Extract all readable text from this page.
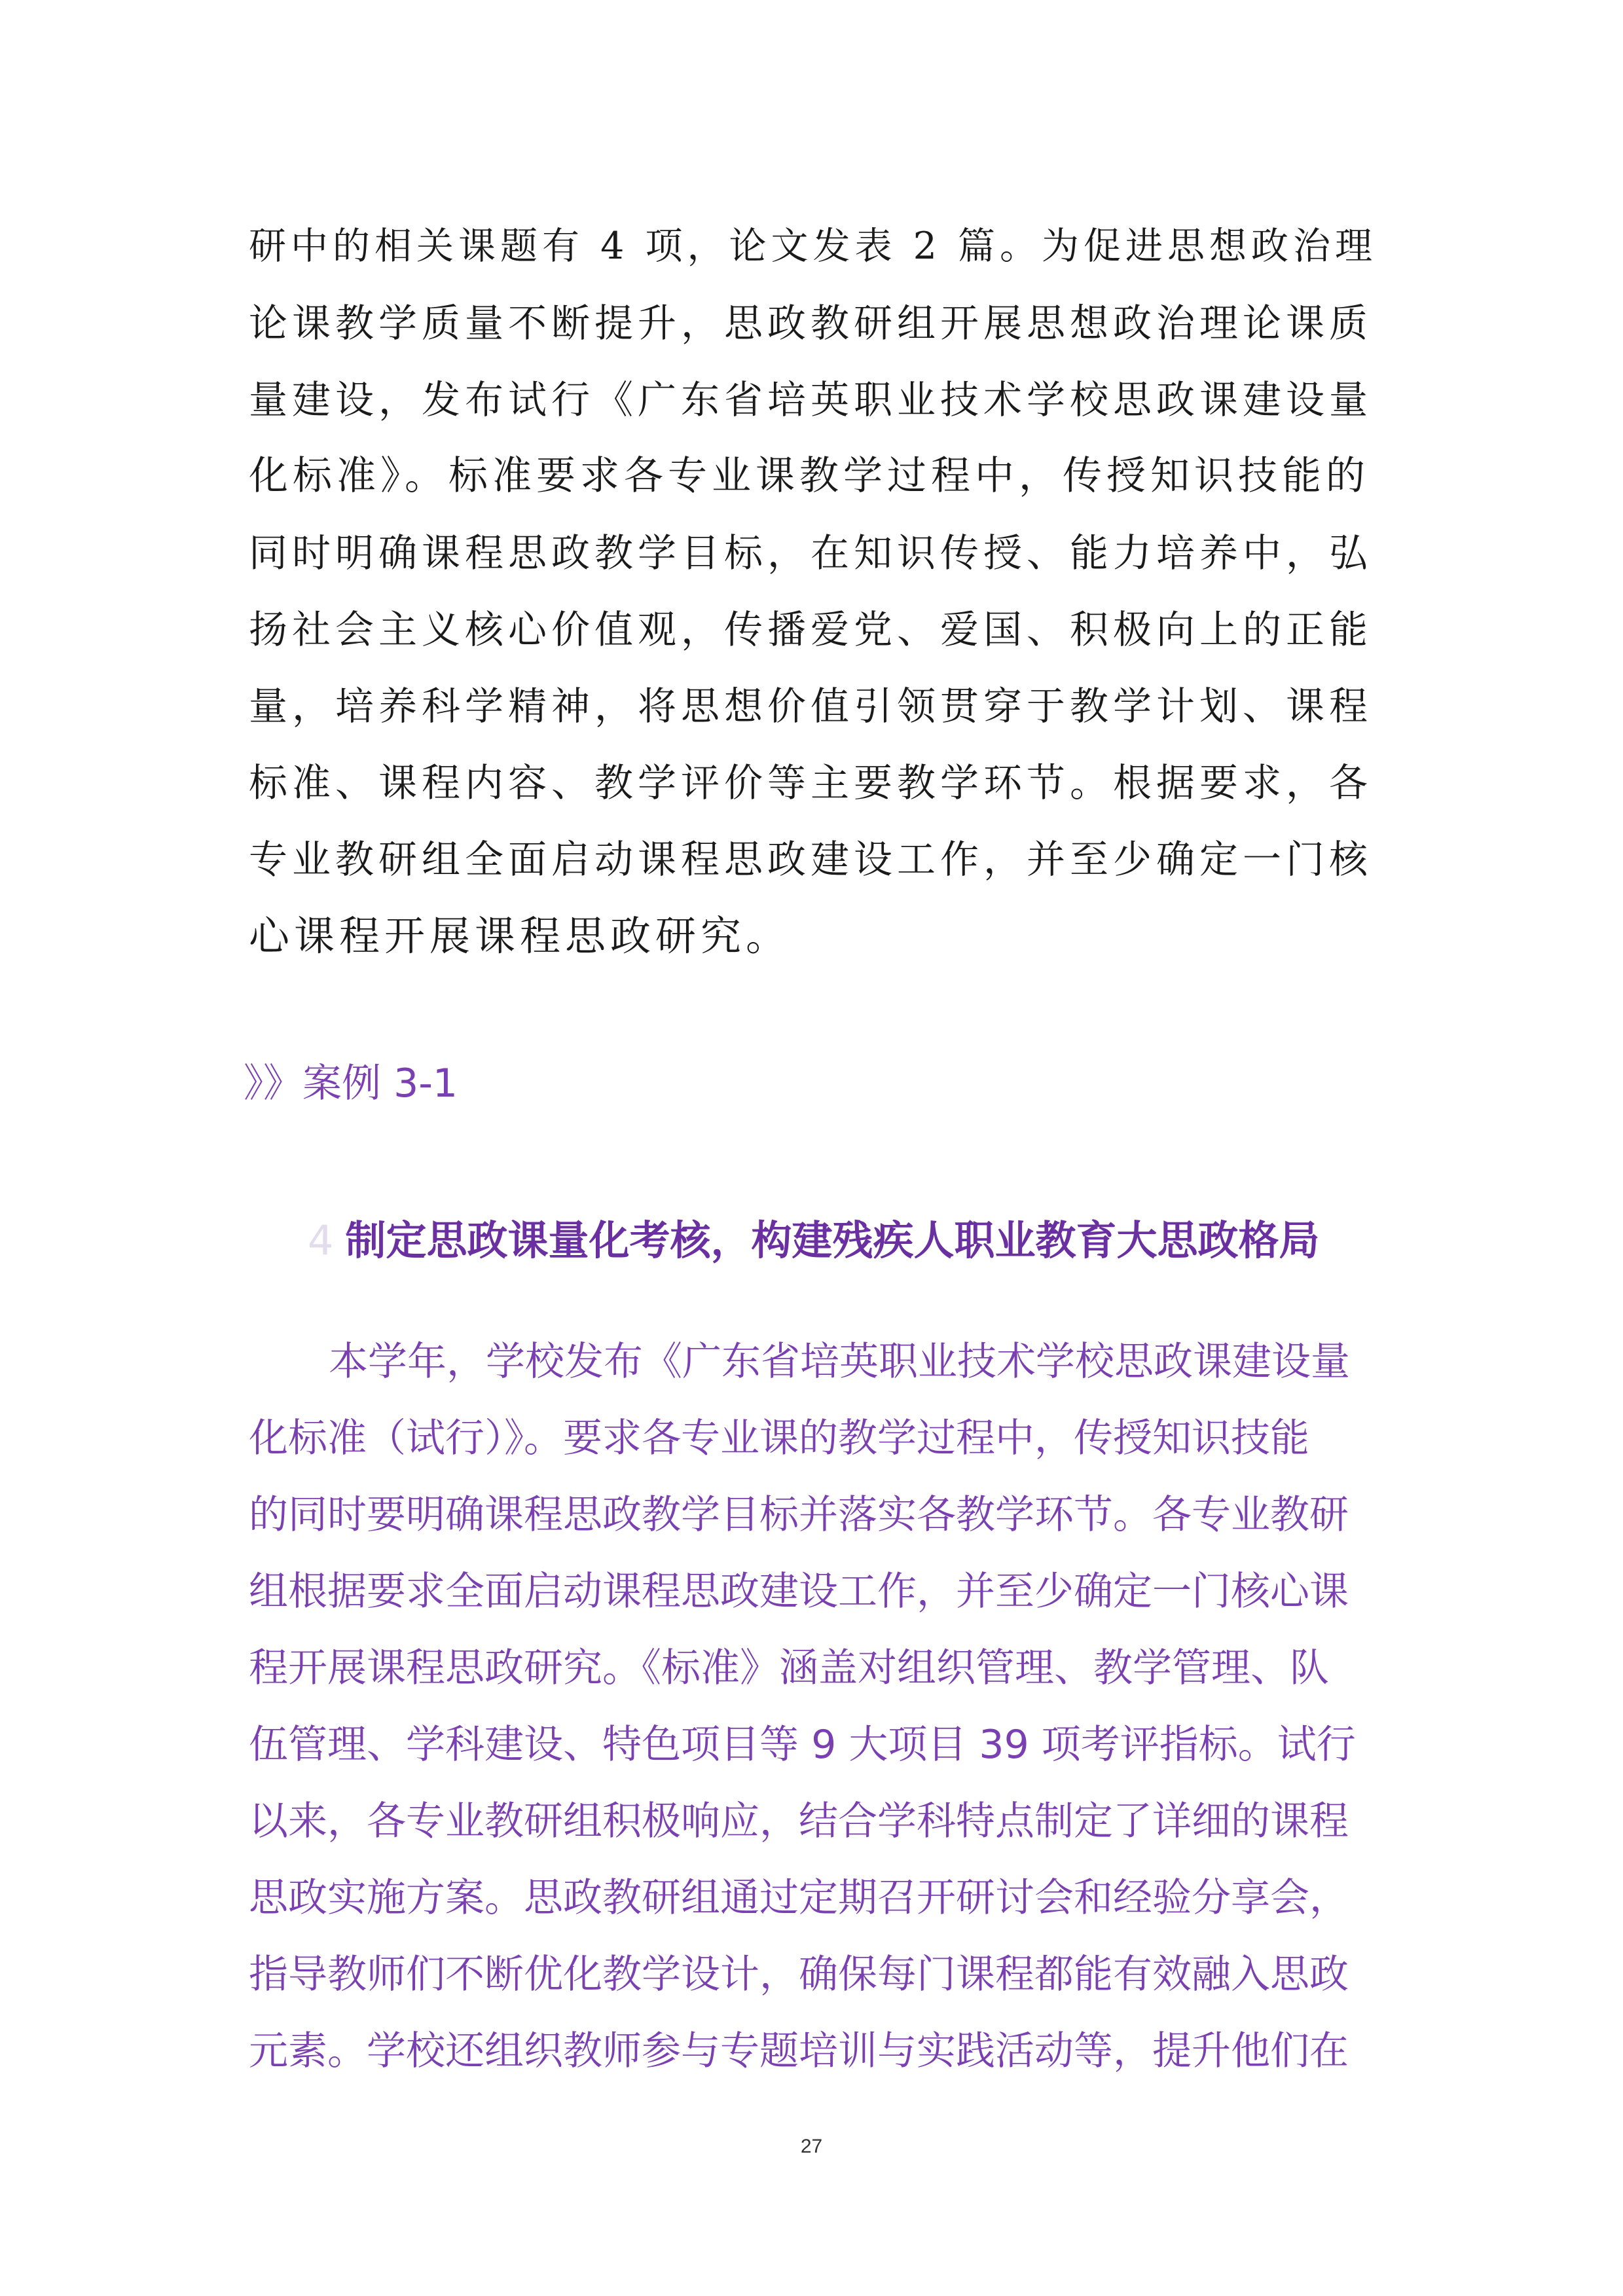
研中的相关课题有 4 项，论文发表 2 篇。为促进思想政治理
论课教学质量不断提升，思政教研组开展思想政治理论课质
量建设，发布试行《广东省培英职业技术学校思政课建设量
化标准》。标准要求各专业课教学过程中，传授知识技能的
同时明确课程思政教学目标，在知识传授、能力培养中，弘
扬社会主义核心价值观，传播爱党、爱国、积极向上的正能
量，培养科学精神，将思想价值引领贯穿于教学计划、课程
标准、课程内容、教学评价等主要教学环节。根据要求，各
专业教研组全面启动课程思政建设工作，并至少确定一门核
心课程开展课程思政研究。
》》案例 3-1
4 制定思政课量化考核，构建残疾人职业教育大思政格局
本学年，学校发布《广东省培英职业技术学校思政课建设量
化标准（试行）》。要求各专业课的教学过程中，传授知识技能
的同时要明确课程思政教学目标并落实各教学环节。各专业教研
组根据要求全面启动课程思政建设工作，并至少确定一门核心课
程开展课程思政研究。《标准》涵盖对组织管理、教学管理、队
伍管理、学科建设、特色项目等 9 大项目 39 项考评指标。试行
以来，各专业教研组积极响应，结合学科特点制定了详细的课程
思政实施方案。思政教研组通过定期召开研讨会和经验分享会，
指导教师们不断优化教学设计，确保每门课程都能有效融入思政
元素。学校还组织教师参与专题培训与实践活动等，提升他们在
27
